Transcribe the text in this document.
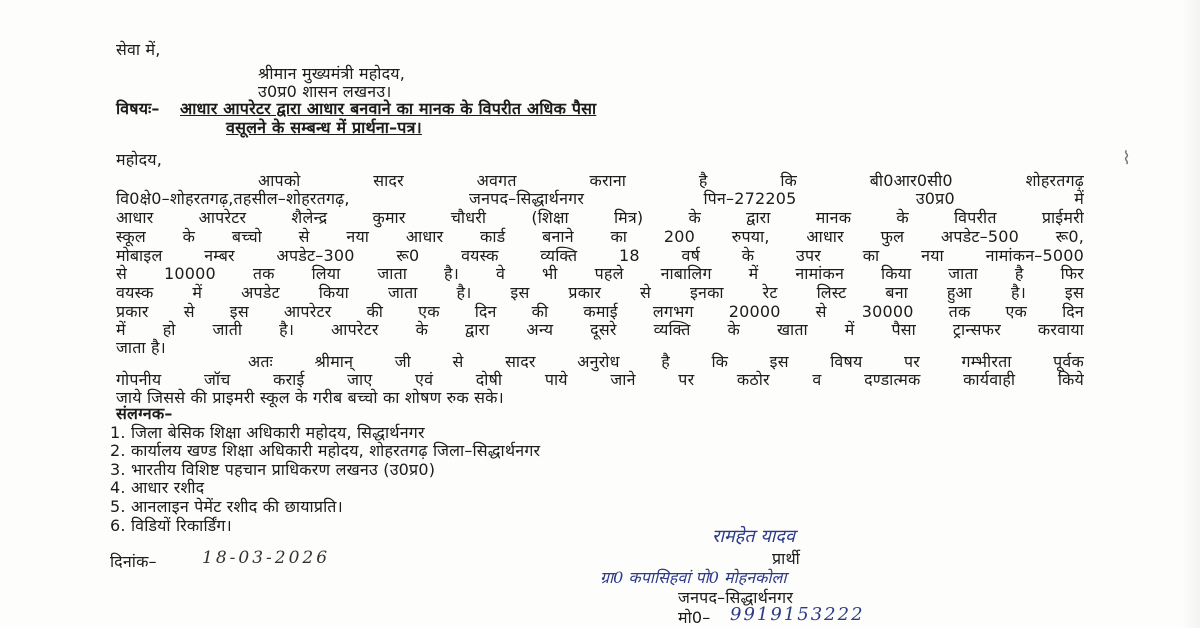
सेवा में,
श्रीमान मुख्यमंत्री महोदय,
उ0प्र0 शासन लखनउ।
विषयः– आधार आपरेटर द्वारा आधार बनवाने का मानक के विपरीत अधिक पैसा
वसूलने के सम्बन्ध में प्रार्थना–पत्र।
महोदय,
आपको सादर अवगत कराना है कि बी0आर0सी0 शोहरतगढ़
वि0क्षे0–शोहरतगढ़,तहसील–शोहरतगढ़, जनपद–सिद्धार्थनगर पिन–272205 उ0प्र0 में
आधार आपरेटर शैलेन्द्र कुमार चौधरी (शिक्षा मित्र) के द्वारा मानक के विपरीत प्राईमरी
स्कूल के बच्चो से नया आधार कार्ड बनाने का 200 रुपया, आधार फुल अपडेट–500 रू0,
मोबाइल नम्बर अपडेट–300 रू0 वयस्क व्यक्ति 18 वर्ष के उपर का नया नामांकन–5000
से 10000 तक लिया जाता है। वे भी पहले नाबालिग में नामांकन किया जाता है फिर
वयस्क में अपडेट किया जाता है। इस प्रकार से इनका रेट लिस्ट बना हुआ है। इस
प्रकार से इस आपरेटर की एक दिन की कमाई लगभग 20000 से 30000 तक एक दिन
में हो जाती है। आपरेटर के द्वारा अन्य दूसरे व्यक्ति के खाता में पैसा ट्रान्सफर करवाया
जाता है।
अतः श्रीमान् जी से सादर अनुरोध है कि इस विषय पर गम्भीरता पूर्वक
गोपनीय जॉच कराई जाए एवं दोषी पाये जाने पर कठोर व दण्डात्मक कार्यवाही किये
जाये जिससे की प्राइमरी स्कूल के गरीब बच्चो का शोषण रुक सके।
संलग्नक–
1. जिला बेसिक शिक्षा अधिकारी महोदय, सिद्धार्थनगर
2. कार्यालय खण्ड शिक्षा अधिकारी महोदय, शोहरतगढ़ जिला–सिद्धार्थनगर
3. भारतीय विशिष्ट पहचान प्राधिकरण लखनउ (उ0प्र0)
4. आधार रशीद
5. आनलाइन पेमेंट रशीद की छायाप्रति।
6. विडियों रिकार्डिंग।
दिनांक–	18-03-2026
रामहेत यादव
प्रार्थी
ग्रा0 कपासिहवां पो0 मोहनकोला
जनपद–सिद्धार्थनगर
मो0– 9919153222
⌇
